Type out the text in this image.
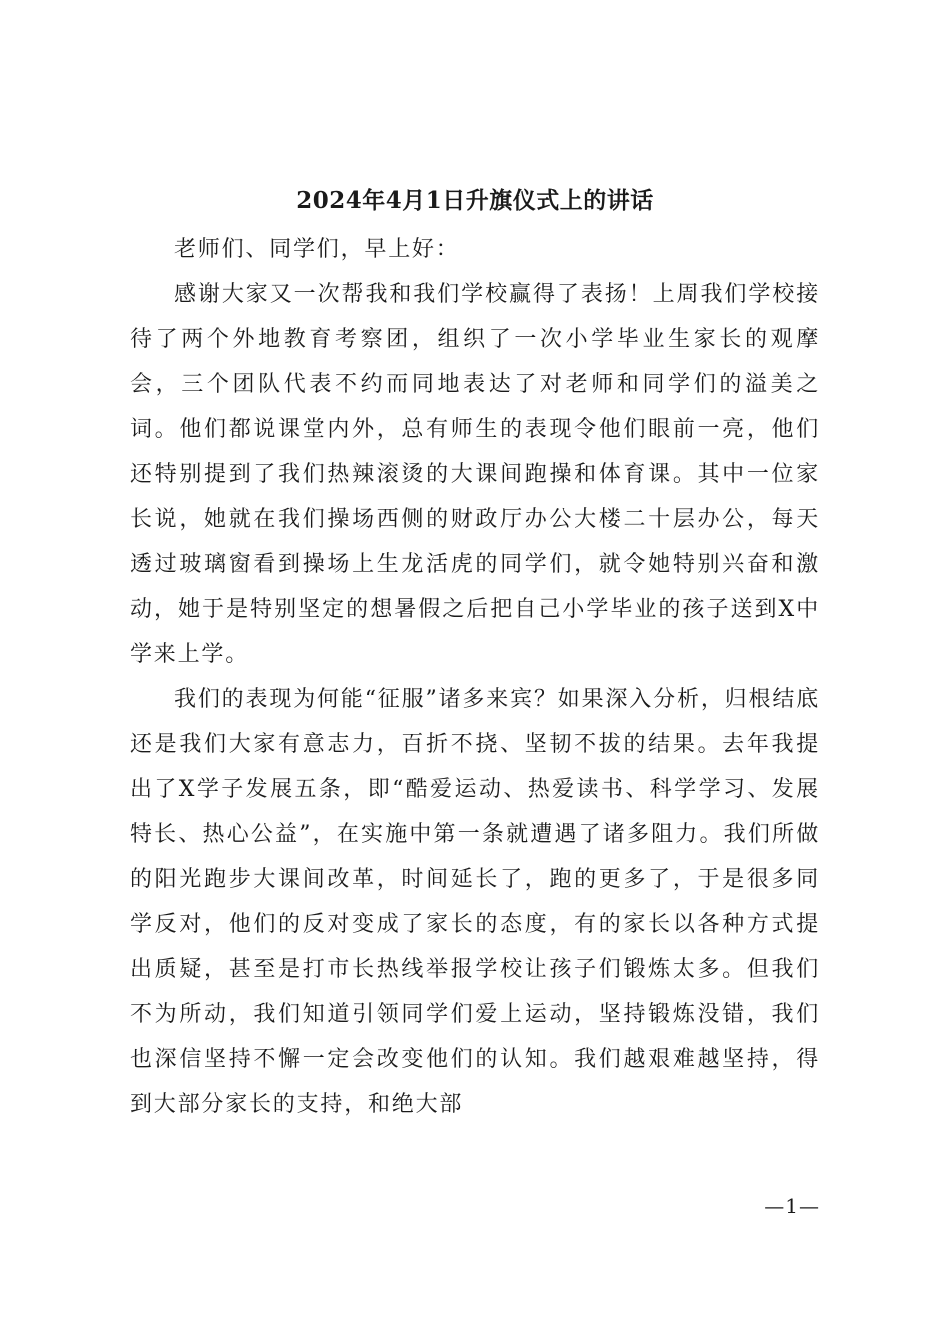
2024年4月1日升旗仪式上的讲话

老师们、同学们，早上好：

感谢大家又一次帮我和我们学校赢得了表扬！上周我们学校接待了两个外地教育考察团，组织了一次小学毕业生家长的观摩会，三个团队代表不约而同地表达了对老师和同学们的溢美之词。他们都说课堂内外，总有师生的表现令他们眼前一亮，他们还特别提到了我们热辣滚烫的大课间跑操和体育课。其中一位家长说，她就在我们操场西侧的财政厅办公大楼二十层办公，每天透过玻璃窗看到操场上生龙活虎的同学们，就令她特别兴奋和激动，她于是特别坚定的想暑假之后把自己小学毕业的孩子送到X中学来上学。

我们的表现为何能“征服”诸多来宾？如果深入分析，归根结底还是我们大家有意志力，百折不挠、坚韧不拔的结果。去年我提出了X学子发展五条，即“酷爱运动、热爱读书、科学学习、发展特长、热心公益”，在实施中第一条就遭遇了诸多阻力。我们所做的阳光跑步大课间改革，时间延长了，跑的更多了，于是很多同学反对，他们的反对变成了家长的态度，有的家长以各种方式提出质疑，甚至是打市长热线举报学校让孩子们锻炼太多。但我们不为所动，我们知道引领同学们爱上运动，坚持锻炼没错，我们也深信坚持不懈一定会改变他们的认知。我们越艰难越坚持，得到大部分家长的支持，和绝大部

—1—
